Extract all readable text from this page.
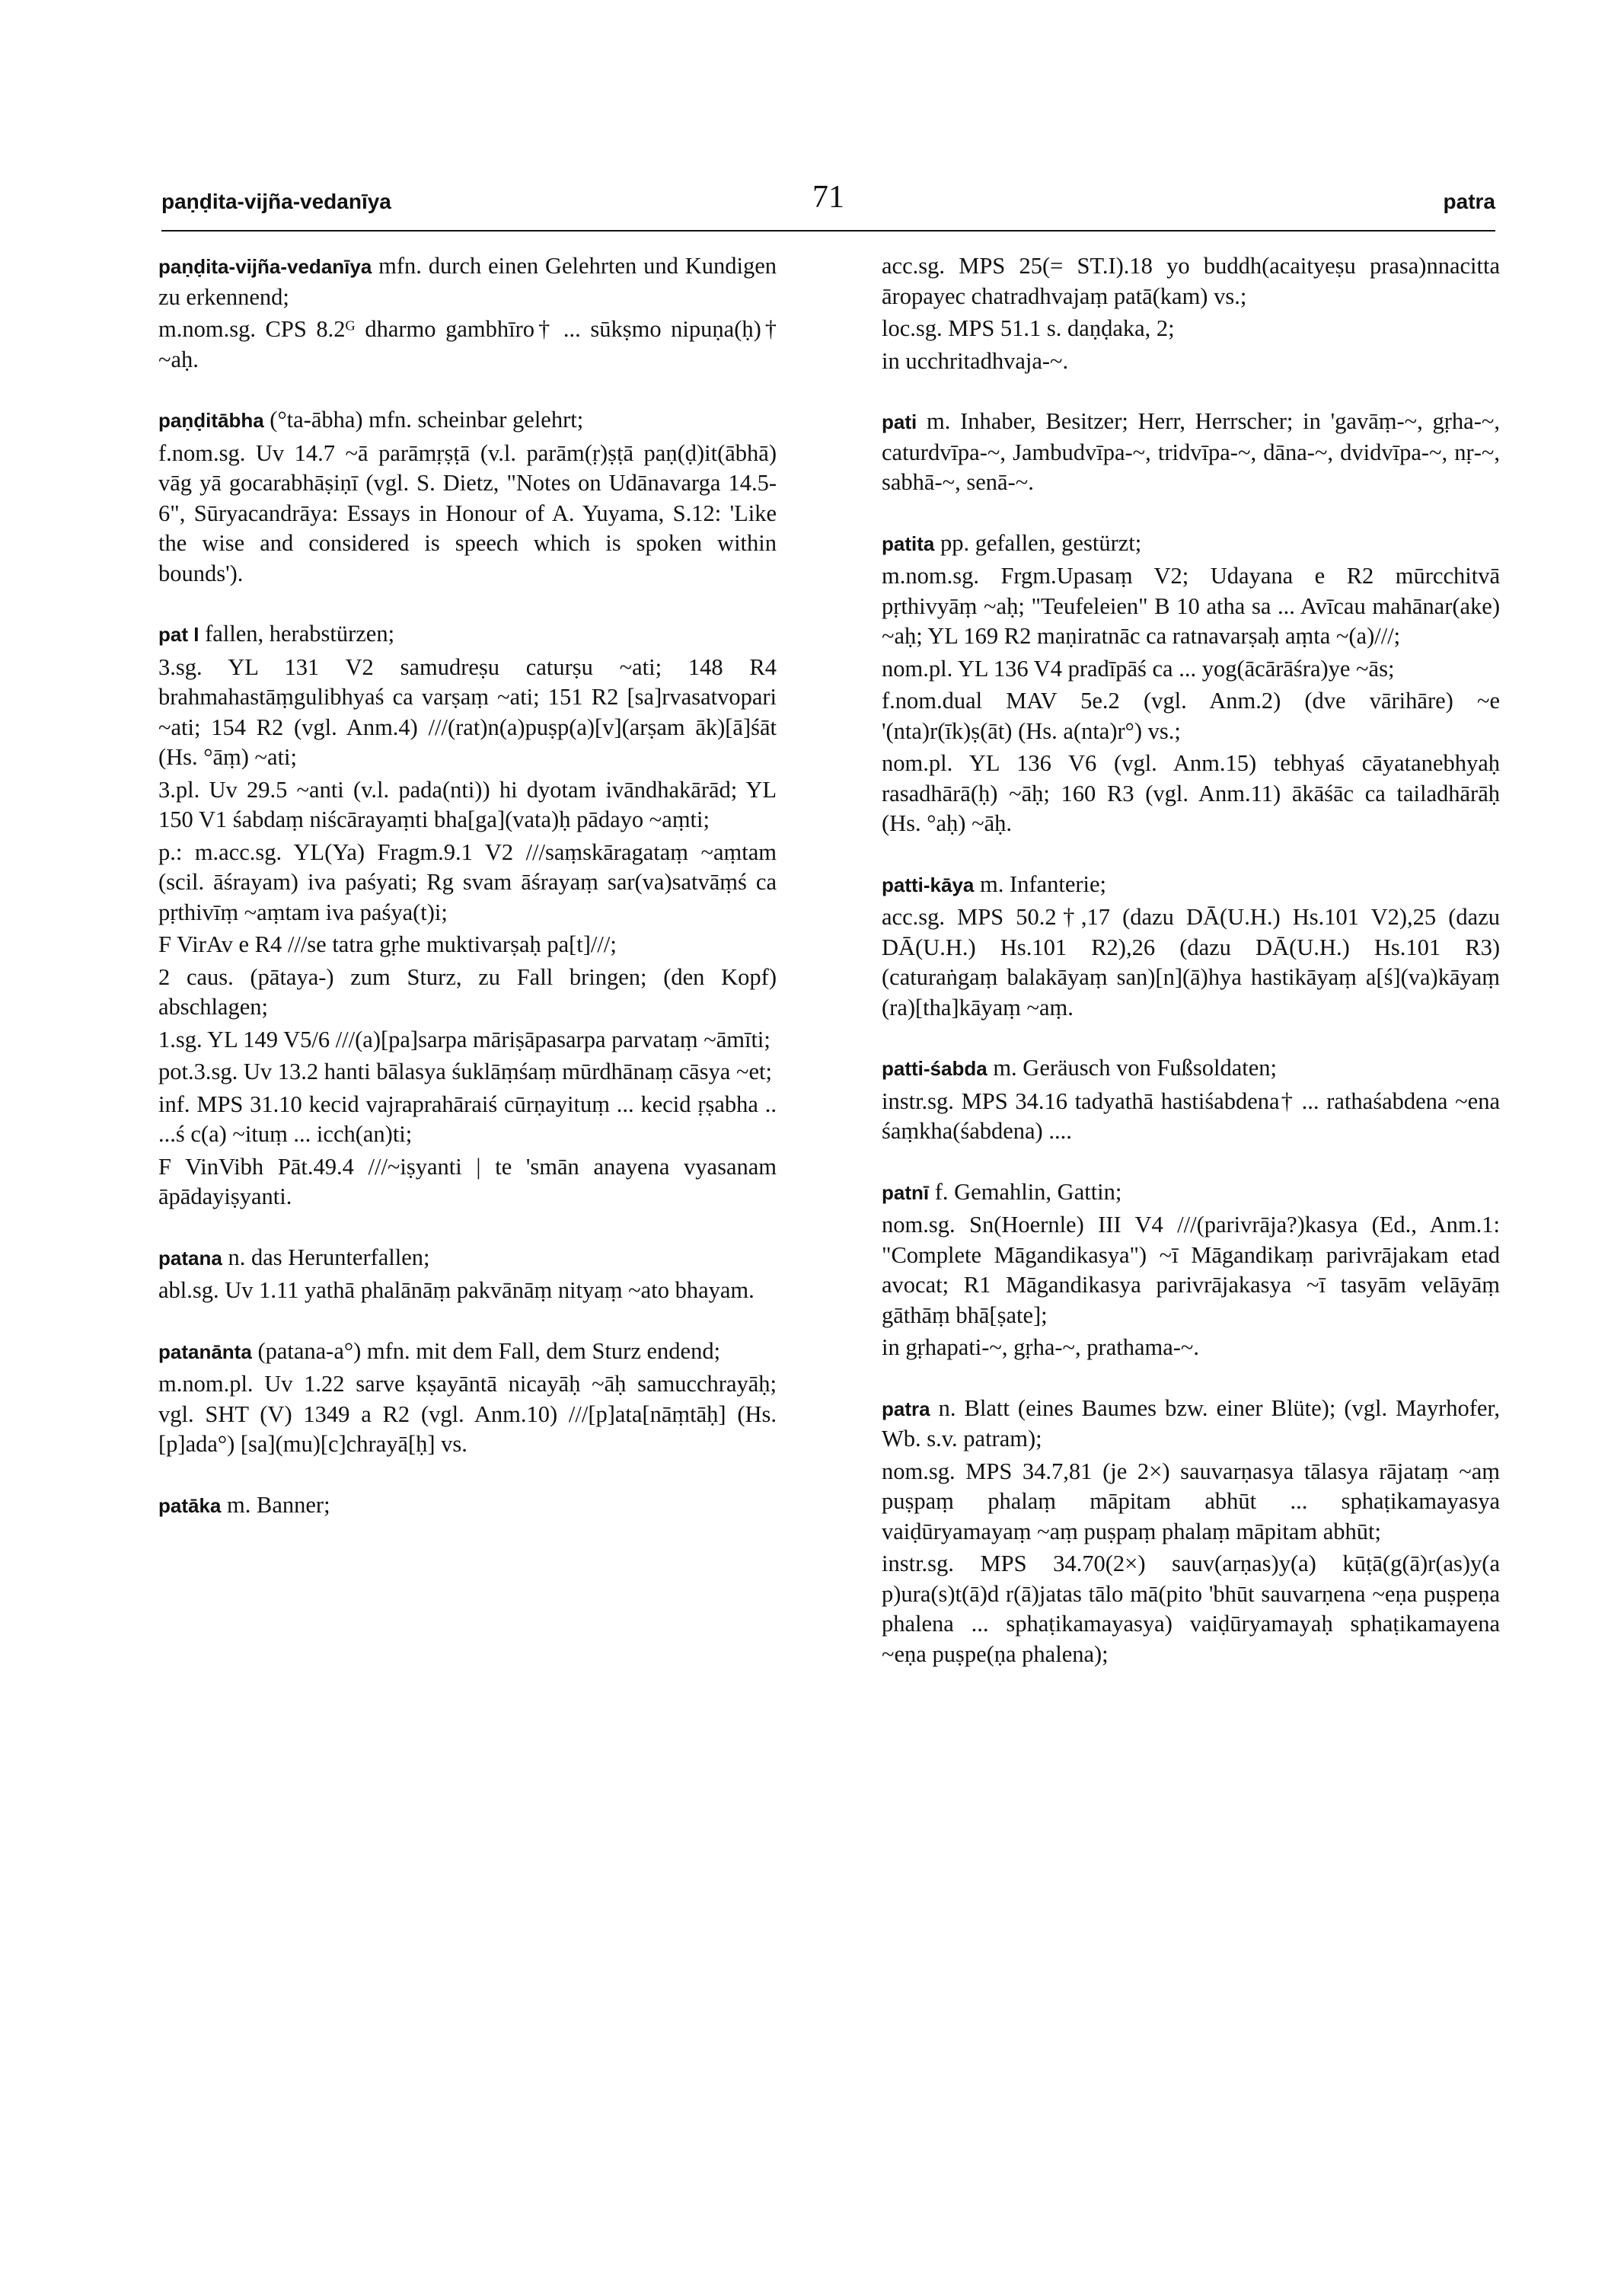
paṇḍita-vijña-vedanīya	71	patra
paṇḍita-vijña-vedanīya mfn. durch einen Gelehrten und Kundigen zu erkennend;
m.nom.sg. CPS 8.2ᴳ dharmo gambhīro† ... sūkṣmo nipuṇa(ḥ)† ~aḥ.
paṇḍitābha (°ta-ābha) mfn. scheinbar gelehrt;
f.nom.sg. Uv 14.7 ~ā parāmṛṣṭā (v.l. parām(ṛ)ṣṭā paṇ(ḍ)it(ābhā) vāg yā gocarabhāṣiṇī (vgl. S. Dietz, "Notes on Udānavarga 14.5-6", Sūryacandrāya: Essays in Honour of A. Yuyama, S.12: 'Like the wise and considered is speech which is spoken within bounds').
pat I fallen, herabstürzen;
3.sg. YL 131 V2 samudreṣu caturṣu ~ati; 148 R4 brahmahastāṃgulibhyaś ca varṣaṃ ~ati; 151 R2 [sa]rvasatvopari ~ati; 154 R2 (vgl. Anm.4) ///(rat)n(a)puṣp(a)[v](arṣam āk)[ā]śāt (Hs. °āṃ) ~ati;
3.pl. Uv 29.5 ~anti (v.l. pada(nti)) hi dyotam ivāndhakārād; YL 150 V1 śabdaṃ niścārayaṃti bha[ga](vata)ḥ pādayo ~aṃti;
p.: m.acc.sg. YL(Ya) Fragm.9.1 V2 ///saṃskāragataṃ ~aṃtam (scil. āśrayam) iva paśyati; Rg svam āśrayaṃ sar(va)satvāṃś ca pṛthivīṃ ~aṃtam iva paśya(t)i;
F VirAv e R4 ///se tatra gṛhe muktivarṣaḥ pa[t]///;
2 caus. (pātaya-) zum Sturz, zu Fall bringen; (den Kopf) abschlagen;
1.sg. YL 149 V5/6 ///(a)[pa]sarpa māriṣāpasarpa parvataṃ ~āmīti;
pot.3.sg. Uv 13.2 hanti bālasya śuklāṃśaṃ mūrdhānaṃ cāsya ~et;
inf. MPS 31.10 kecid vajraprahāraiś cūrṇayituṃ ... kecid ṛṣabha .. ...ś c(a) ~ituṃ ... icch(an)ti;
F VinVibh Pāt.49.4 ///~iṣyanti | te 'smān anayena vyasanam āpādayiṣyanti.
patana n. das Herunterfallen;
abl.sg. Uv 1.11 yathā phalānāṃ pakvānāṃ nityaṃ ~ato bhayam.
patanānta (patana-a°) mfn. mit dem Fall, dem Sturz endend;
m.nom.pl. Uv 1.22 sarve kṣayāntā nicayāḥ ~āḥ samucchrayāḥ; vgl. SHT (V) 1349 a R2 (vgl. Anm.10) ///[p]ata[nāṃtāḥ] (Hs. [p]ada°) [sa](mu)[c]chrayā[ḥ] vs.
patāka m. Banner;
acc.sg. MPS 25(= ST.I).18 yo buddh(acaityeṣu prasa)nnacitta āropayec chatradhvajaṃ patā(kam) vs.;
loc.sg. MPS 51.1 s. daṇḍaka, 2;
in ucchritadhvaja-~.
pati m. Inhaber, Besitzer; Herr, Herrscher; in 'gavāṃ-~, gṛha-~, caturdvīpa-~, Jambudvīpa-~, tridvīpa-~, dāna-~, dvidvīpa-~, nṛ-~, sabhā-~, senā-~.
patita pp. gefallen, gestürzt;
m.nom.sg. Frgm.Upasaṃ V2; Udayana e R2 mūrcchitvā pṛthivyāṃ ~aḥ; "Teufeleien" B 10 atha sa ... Avīcau mahānar(ake) ~aḥ; YL 169 R2 maṇiratnāc ca ratnavarṣaḥ aṃta ~(a)///;
nom.pl. YL 136 V4 pradīpāś ca ... yog(ācārāśra)ye ~ās;
f.nom.dual MAV 5e.2 (vgl. Anm.2) (dve vārihāre) ~e '(nta)r(īk)ṣ(āt) (Hs. a(nta)r°) vs.;
nom.pl. YL 136 V6 (vgl. Anm.15) tebhyaś cāyatanebhyaḥ rasadhārā(ḥ) ~āḥ; 160 R3 (vgl. Anm.11) ākāśāc ca tailadhārāḥ (Hs. °aḥ) ~āḥ.
patti-kāya m. Infanterie;
acc.sg. MPS 50.2†,17 (dazu DĀ(U.H.) Hs.101 V2),25 (dazu DĀ(U.H.) Hs.101 R2),26 (dazu DĀ(U.H.) Hs.101 R3) (caturaṅgaṃ balakāyaṃ san)[n](ā)hya hastikāyaṃ a[ś](va)kāyaṃ (ra)[tha]kāyaṃ ~aṃ.
patti-śabda m. Geräusch von Fußsoldaten;
instr.sg. MPS 34.16 tadyathā hastiśabdena† ... rathaśabdena ~ena śaṃkha(śabdena) ....
patnī f. Gemahlin, Gattin;
nom.sg. Sn(Hoernle) III V4 ///(parivrāja?)kasya (Ed., Anm.1: "Complete Māgandikasya") ~ī Māgandikaṃ parivrājakam etad avocat; R1 Māgandikasya parivrājakasya ~ī tasyām velāyāṃ gāthāṃ bhā[ṣate];
in gṛhapati-~, gṛha-~, prathama-~.
patra n. Blatt (eines Baumes bzw. einer Blüte); (vgl. Mayrhofer, Wb. s.v. patram);
nom.sg. MPS 34.7,81 (je 2×) sauvarṇasya tālasya rājataṃ ~aṃ puṣpaṃ phalaṃ māpitam abhūt ... sphaṭikamayasya vaiḍūryamayaṃ ~aṃ puṣpaṃ phalaṃ māpitam abhūt;
instr.sg. MPS 34.70(2×) sauv(arṇas)y(a) kūṭā(g(ā)r(as)y(a p)ura(s)t(ā)d r(ā)jatas tālo mā(pito 'bhūt sauvarṇena ~eṇa puṣpeṇa phalena ... sphaṭikamayasya) vaiḍūryamayaḥ sphaṭikamayena ~eṇa puṣpe(ṇa phalena);
